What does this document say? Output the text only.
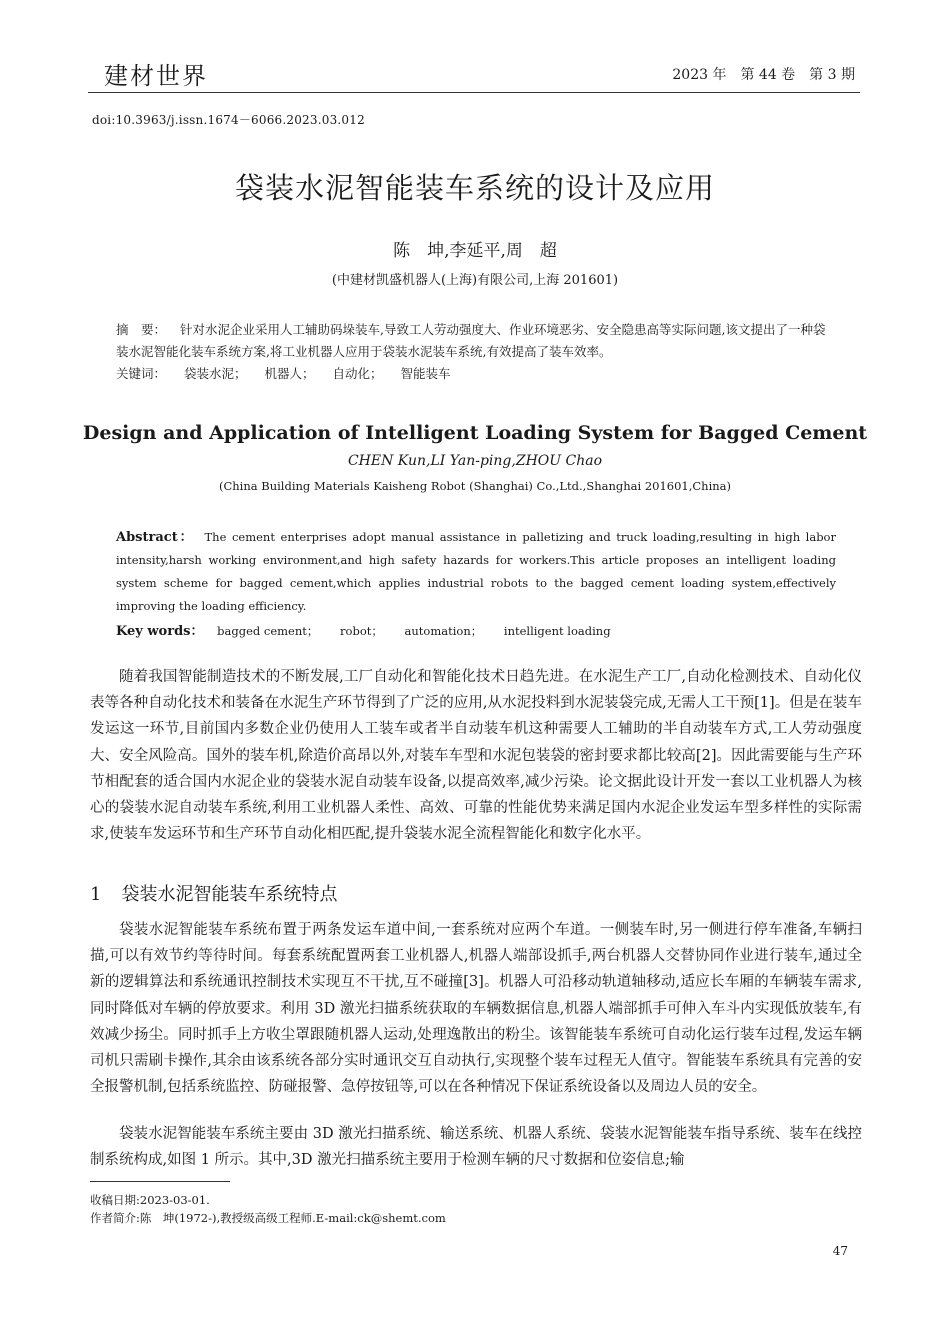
建材世界	2023 年　第 44 卷　第 3 期
doi:10.3963/j.issn.1674－6066.2023.03.012
袋装水泥智能装车系统的设计及应用
陈　坤,李延平,周　超
(中建材凯盛机器人(上海)有限公司,上海 201601)
摘　要： 针对水泥企业采用人工辅助码垛装车,导致工人劳动强度大、作业环境恶劣、安全隐患高等实际问题,该文提出了一种袋装水泥智能化装车系统方案,将工业机器人应用于袋装水泥装车系统,有效提高了装车效率。
关键词： 袋装水泥； 机器人； 自动化； 智能装车
Design and Application of Intelligent Loading System for Bagged Cement
CHEN Kun,LI Yan-ping,ZHOU Chao
(China Building Materials Kaisheng Robot (Shanghai) Co.,Ltd.,Shanghai 201601,China)
Abstract： The cement enterprises adopt manual assistance in palletizing and truck loading,resulting in high labor intensity,harsh working environment,and high safety hazards for workers.This article proposes an intelligent loading system scheme for bagged cement,which applies industrial robots to the bagged cement loading system,effectively improving the loading efficiency.
Key words： bagged cement； robot； automation； intelligent loading
随着我国智能制造技术的不断发展,工厂自动化和智能化技术日趋先进。在水泥生产工厂,自动化检测技术、自动化仪表等各种自动化技术和装备在水泥生产环节得到了广泛的应用,从水泥投料到水泥装袋完成,无需人工干预[1]。但是在装车发运这一环节,目前国内多数企业仍使用人工装车或者半自动装车机这种需要人工辅助的半自动装车方式,工人劳动强度大、安全风险高。国外的装车机,除造价高昂以外,对装车车型和水泥包装袋的密封要求都比较高[2]。因此需要能与生产环节相配套的适合国内水泥企业的袋装水泥自动装车设备,以提高效率,减少污染。论文据此设计开发一套以工业机器人为核心的袋装水泥自动装车系统,利用工业机器人柔性、高效、可靠的性能优势来满足国内水泥企业发运车型多样性的实际需求,使装车发运环节和生产环节自动化相匹配,提升袋装水泥全流程智能化和数字化水平。
1 袋装水泥智能装车系统特点
袋装水泥智能装车系统布置于两条发运车道中间,一套系统对应两个车道。一侧装车时,另一侧进行停车准备,车辆扫描,可以有效节约等待时间。每套系统配置两套工业机器人,机器人端部设抓手,两台机器人交替协同作业进行装车,通过全新的逻辑算法和系统通讯控制技术实现互不干扰,互不碰撞[3]。机器人可沿移动轨道轴移动,适应长车厢的车辆装车需求,同时降低对车辆的停放要求。利用 3D 激光扫描系统获取的车辆数据信息,机器人端部抓手可伸入车斗内实现低放装车,有效减少扬尘。同时抓手上方收尘罩跟随机器人运动,处理逸散出的粉尘。该智能装车系统可自动化运行装车过程,发运车辆司机只需刷卡操作,其余由该系统各部分实时通讯交互自动执行,实现整个装车过程无人值守。智能装车系统具有完善的安全报警机制,包括系统监控、防碰报警、急停按钮等,可以在各种情况下保证系统设备以及周边人员的安全。
袋装水泥智能装车系统主要由 3D 激光扫描系统、输送系统、机器人系统、袋装水泥智能装车指导系统、装车在线控制系统构成,如图 1 所示。其中,3D 激光扫描系统主要用于检测车辆的尺寸数据和位姿信息;输
收稿日期:2023-03-01.
作者简介:陈　坤(1972-),教授级高级工程师.E-mail:ck@shemt.com
47
